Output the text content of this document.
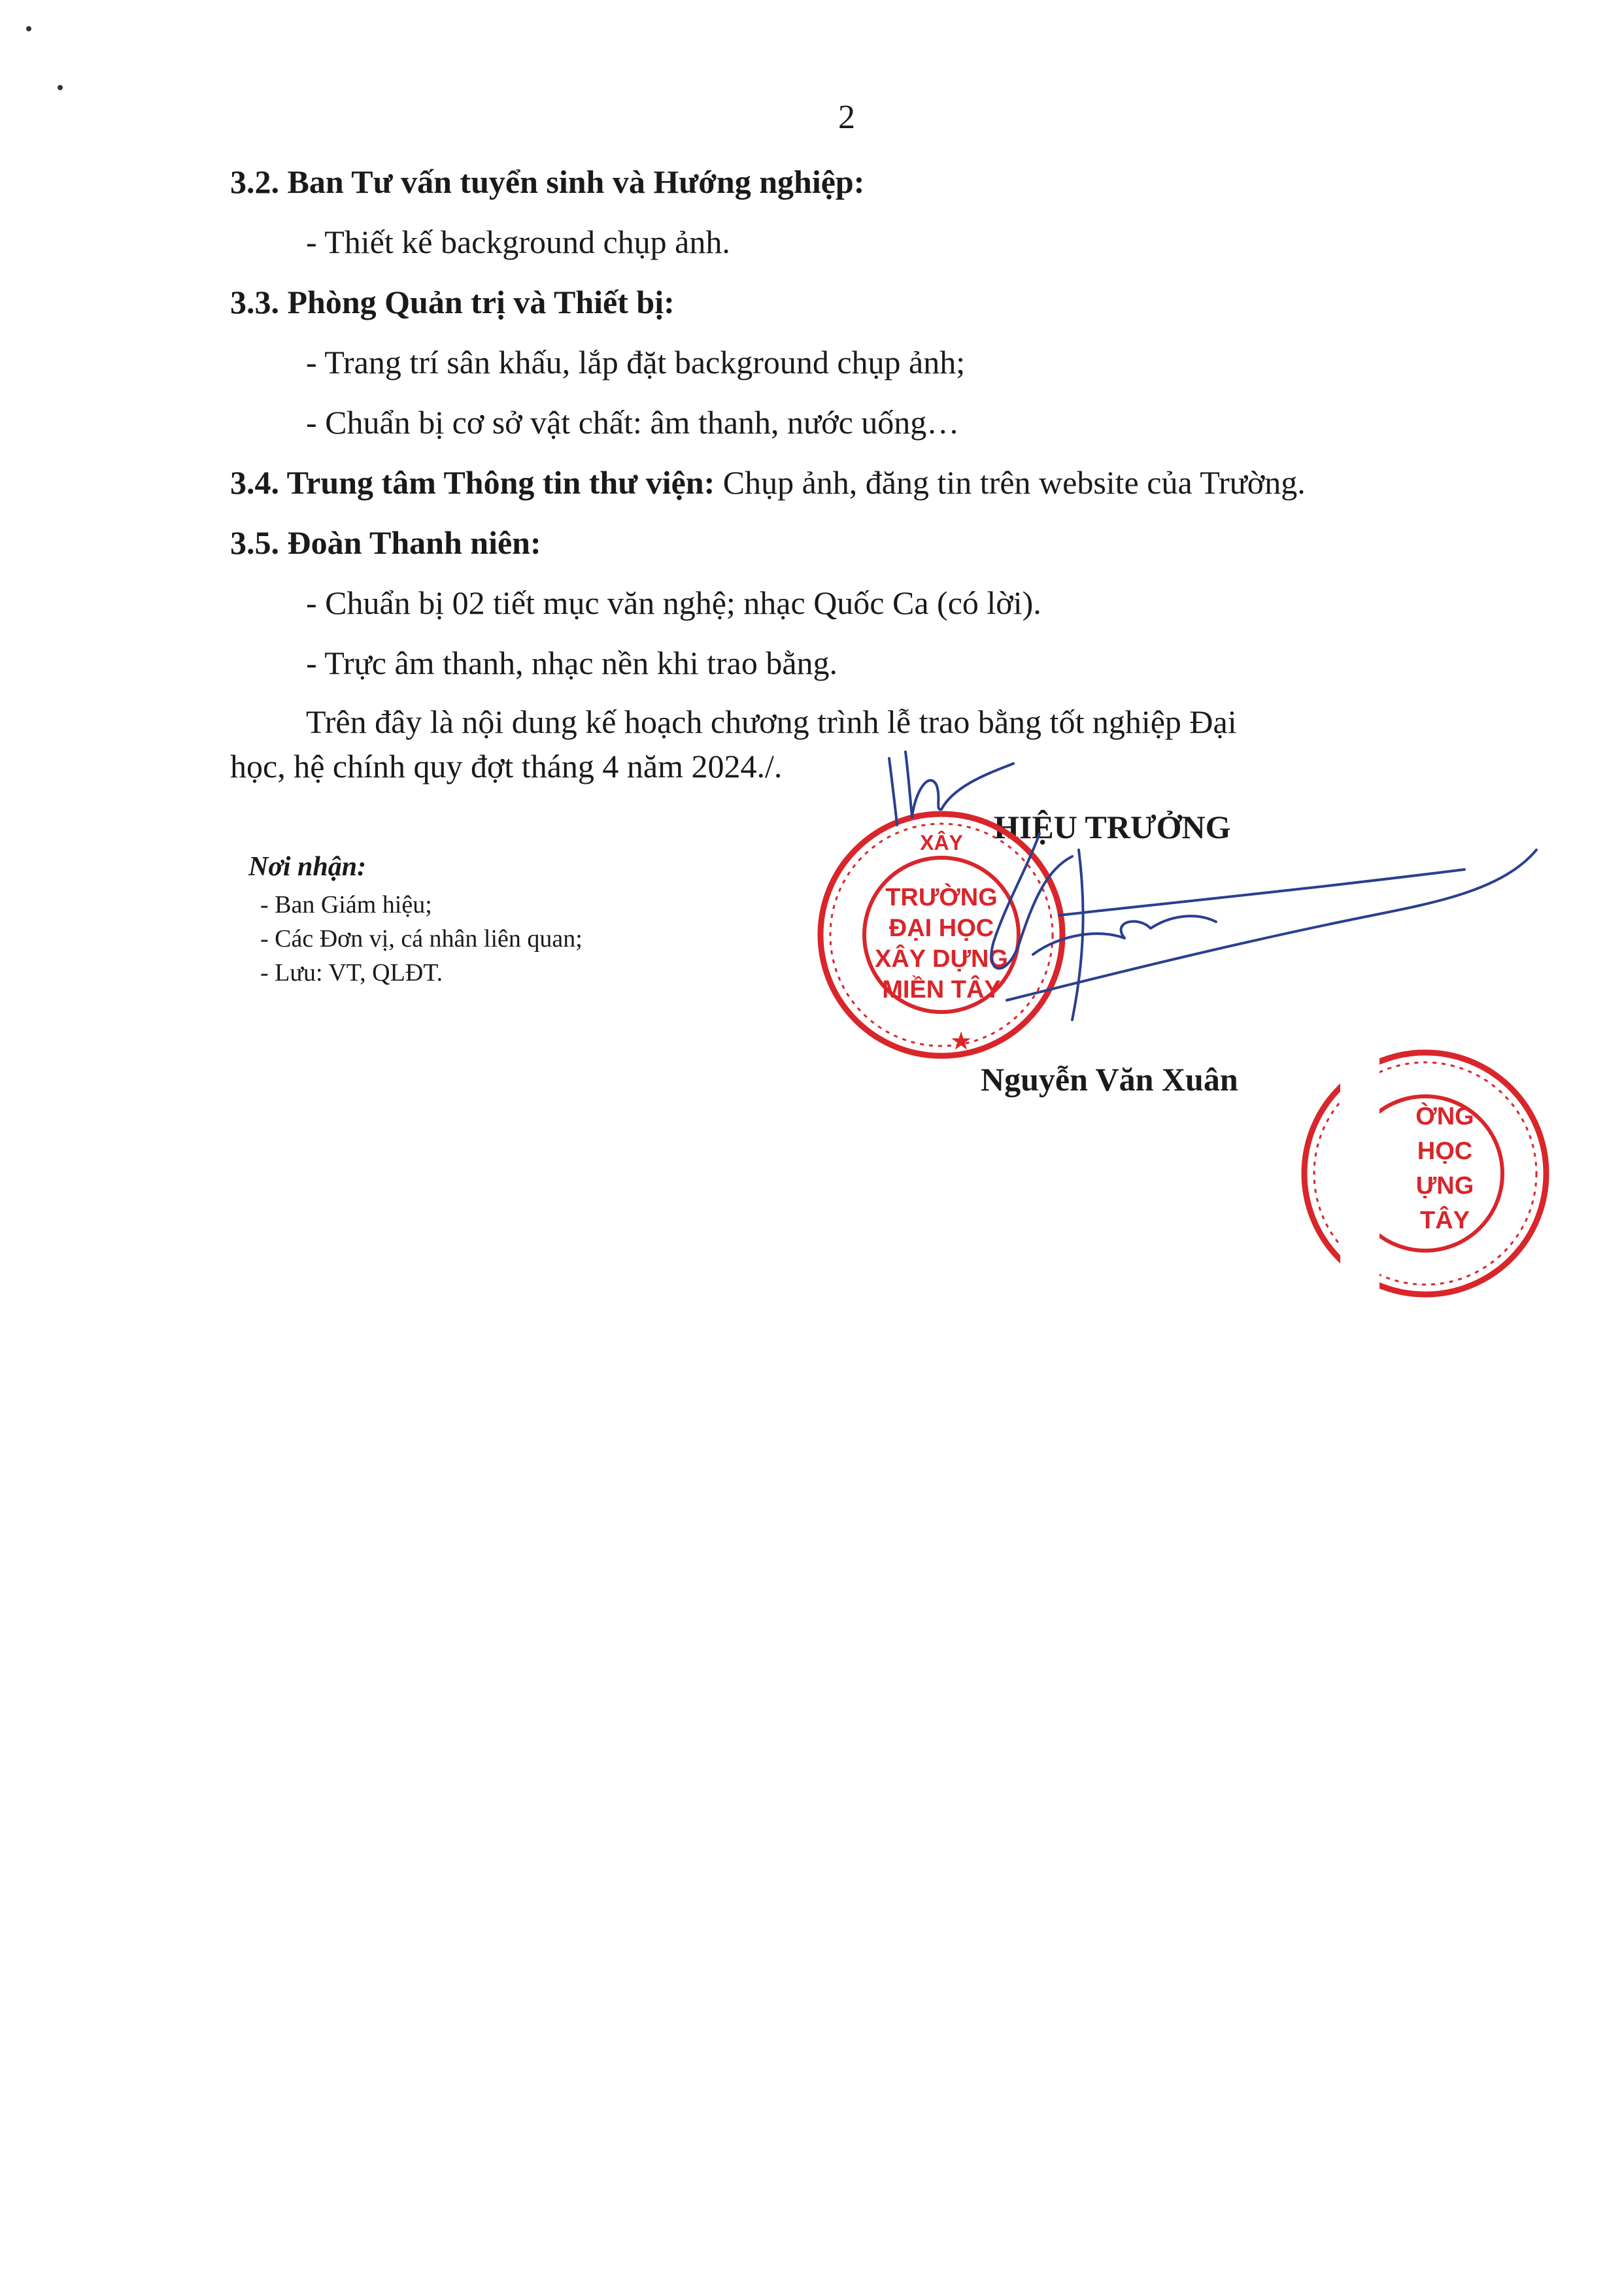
2
3.2. Ban Tư vấn tuyển sinh và Hướng nghiệp:
- Thiết kế background chụp ảnh.
3.3. Phòng Quản trị và Thiết bị:
- Trang trí sân khấu, lắp đặt background chụp ảnh;
- Chuẩn bị cơ sở vật chất: âm thanh, nước uống…
3.4. Trung tâm Thông tin thư viện: Chụp ảnh, đăng tin trên website của Trường.
3.5. Đoàn Thanh niên:
- Chuẩn bị 02 tiết mục văn nghệ; nhạc Quốc Ca (có lời).
- Trực âm thanh, nhạc nền khi trao bằng.
Trên đây là nội dung kế hoạch chương trình lễ trao bằng tốt nghiệp Đại
học, hệ chính quy đợt tháng 4 năm 2024./.
Nơi nhận:
- Ban Giám hiệu;
- Các Đơn vị, cá nhân liên quan;
- Lưu: VT, QLĐT.
HIỆU TRƯỞNG
Nguyễn Văn Xuân
XÂY
TRƯỜNG
ĐẠI HỌC
XÂY DỰNG
MIỀN TÂY
★
ỜNG
HỌC
ỰNG
TÂY
